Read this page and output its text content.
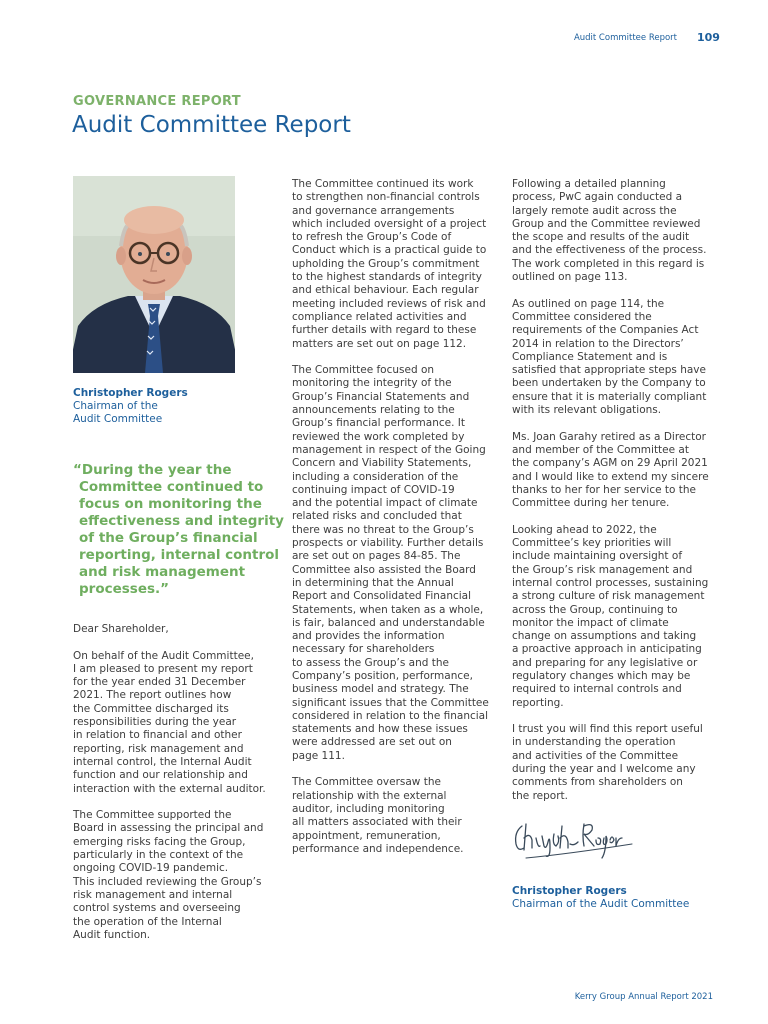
Audit Committee Report 109
GOVERNANCE REPORT
Audit Committee Report
Christopher Rogers
Chairman of the
Audit Committee
“During the year the
Committee continued to
focus on monitoring the
effectiveness and integrity
of the Group’s financial
reporting, internal control
and risk management
processes.”

Dear Shareholder,

On behalf of the Audit Committee,
I am pleased to present my report
for the year ended 31 December
2021. The report outlines how
the Committee discharged its
responsibilities during the year
in relation to financial and other
reporting, risk management and
internal control, the Internal Audit
function and our relationship and
interaction with the external auditor.

The Committee supported the
Board in assessing the principal and
emerging risks facing the Group,
particularly in the context of the
ongoing COVID-19 pandemic.
This included reviewing the Group’s
risk management and internal
control systems and overseeing
the operation of the Internal
Audit function.

The Committee continued its work
to strengthen non-financial controls
and governance arrangements
which included oversight of a project
to refresh the Group’s Code of
Conduct which is a practical guide to
upholding the Group’s commitment
to the highest standards of integrity
and ethical behaviour. Each regular
meeting included reviews of risk and
compliance related activities and
further details with regard to these
matters are set out on page 112.

The Committee focused on
monitoring the integrity of the
Group’s Financial Statements and
announcements relating to the
Group’s financial performance. It
reviewed the work completed by
management in respect of the Going
Concern and Viability Statements,
including a consideration of the
continuing impact of COVID-19
and the potential impact of climate
related risks and concluded that
there was no threat to the Group’s
prospects or viability. Further details
are set out on pages 84-85. The
Committee also assisted the Board
in determining that the Annual
Report and Consolidated Financial
Statements, when taken as a whole,
is fair, balanced and understandable
and provides the information
necessary for shareholders
to assess the Group’s and the
Company’s position, performance,
business model and strategy. The
significant issues that the Committee
considered in relation to the financial
statements and how these issues
were addressed are set out on
page 111.

The Committee oversaw the
relationship with the external
auditor, including monitoring
all matters associated with their
appointment, remuneration,
performance and independence.

Following a detailed planning
process, PwC again conducted a
largely remote audit across the
Group and the Committee reviewed
the scope and results of the audit
and the effectiveness of the process.
The work completed in this regard is
outlined on page 113.

As outlined on page 114, the
Committee considered the
requirements of the Companies Act
2014 in relation to the Directors’
Compliance Statement and is
satisfied that appropriate steps have
been undertaken by the Company to
ensure that it is materially compliant
with its relevant obligations.

Ms. Joan Garahy retired as a Director
and member of the Committee at
the company’s AGM on 29 April 2021
and I would like to extend my sincere
thanks to her for her service to the
Committee during her tenure.

Looking ahead to 2022, the
Committee’s key priorities will
include maintaining oversight of
the Group’s risk management and
internal control processes, sustaining
a strong culture of risk management
across the Group, continuing to
monitor the impact of climate
change on assumptions and taking
a proactive approach in anticipating
and preparing for any legislative or
regulatory changes which may be
required to internal controls and
reporting.

I trust you will find this report useful
in understanding the operation
and activities of the Committee
during the year and I welcome any
comments from shareholders on
the report.

Christopher Rogers
Chairman of the Audit Committee
Kerry Group Annual Report 2021
